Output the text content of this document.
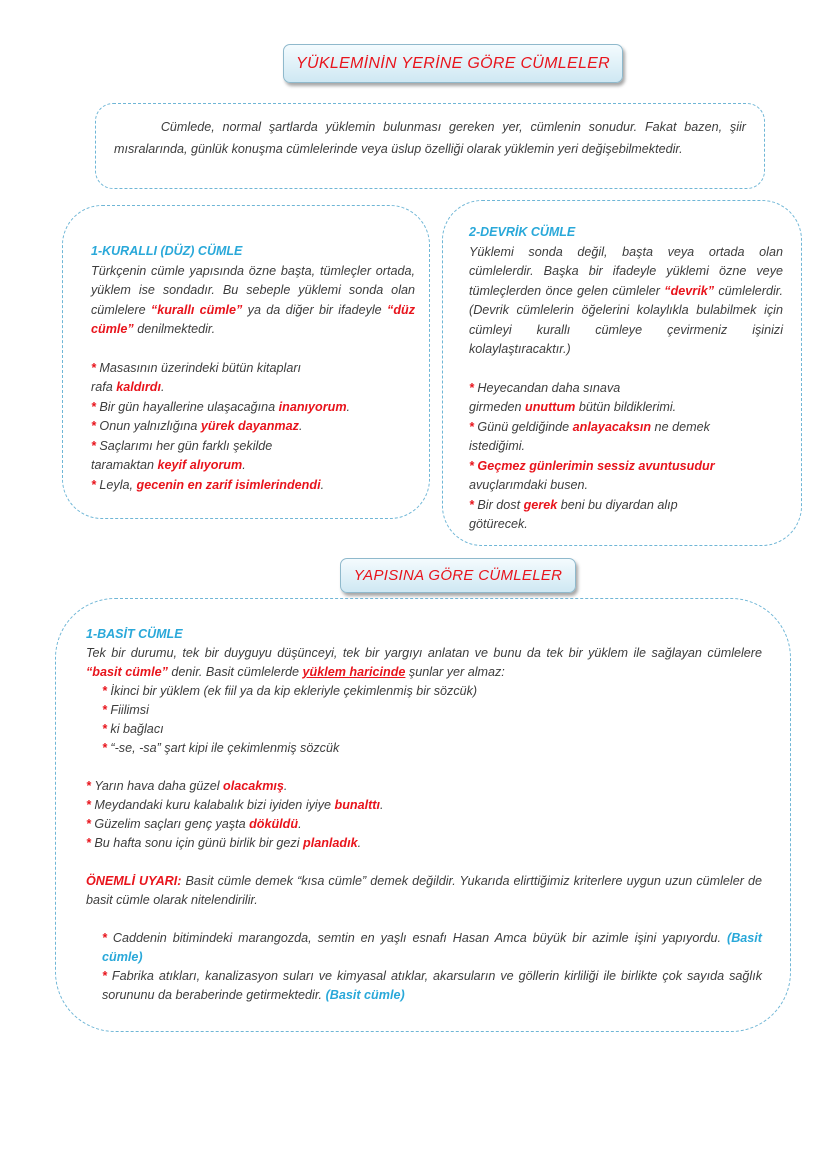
YÜKLEMİNİN YERİNE GÖRE CÜMLELER

Cümlede, normal şartlarda yüklemin bulunması gereken yer, cümlenin sonudur. Fakat bazen, şiir mısralarında, günlük konuşma cümlelerinde veya üslup özelliği olarak yüklemin yeri değişebilmektedir.

1-KURALLI (DÜZ) CÜMLE

Türkçenin cümle yapısında özne başta, tümleçler ortada, yüklem ise sondadır. Bu sebeple yüklemi sonda olan cümlelere “kurallı cümle” ya da diğer bir ifadeyle “düz cümle” denilmektedir.

* Masasının üzerindeki bütün kitapları

rafa kaldırdı.

* Bir gün hayallerine ulaşacağına inanıyorum.

* Onun yalnızlığına yürek dayanmaz.

* Saçlarımı her gün farklı şekilde

taramaktan keyif alıyorum.

* Leyla, gecenin en zarif isimlerindendi.

2-DEVRİK CÜMLE

Yüklemi sonda değil, başta veya ortada olan cümlelerdir. Başka bir ifadeyle yüklemi özne veye tümleçlerden önce gelen cümleler “devrik” cümlelerdir. (Devrik cümlelerin öğelerini kolaylıkla bulabilmek için cümleyi kurallı cümleye çevirmeniz işinizi kolaylaştıracaktır.)

* Heyecandan daha sınava

girmeden unuttum bütün bildiklerimi.

* Günü geldiğinde anlayacaksın ne demek

istediğimi.

* Geçmez günlerimin sessiz avuntusudur

avuçlarımdaki busen.

* Bir dost gerek beni bu diyardan alıp

götürecek.

YAPISINA GÖRE CÜMLELER
1-BASİT CÜMLE

Tek bir durumu, tek bir duyguyu düşünceyi, tek bir yargıyı anlatan ve bunu da tek bir yüklem ile sağlayan cümlelere “basit cümle” denir. Basit cümlelerde yüklem haricinde şunlar yer almaz:

* İkinci bir yüklem (ek fiil ya da kip ekleriyle çekimlenmiş bir sözcük)

* Fiilimsi

* ki bağlacı

* “-se, -sa” şart kipi ile çekimlenmiş sözcük

* Yarın hava daha güzel olacakmış.

* Meydandaki kuru kalabalık bizi iyiden iyiye bunalttı.

* Güzelim saçları genç yaşta döküldü.

* Bu hafta sonu için günü birlik bir gezi planladık.

ÖNEMLİ UYARI: Basit cümle demek “kısa cümle” demek değildir. Yukarıda elirttiğimiz kriterlere uygun uzun cümleler de basit cümle olarak nitelendirilir.

* Caddenin bitimindeki marangozda, semtin en yaşlı esnafı Hasan Amca büyük bir azimle işini yapıyordu. (Basit cümle)

* Fabrika atıkları, kanalizasyon suları ve kimyasal atıklar, akarsuların ve göllerin kirliliği ile birlikte çok sayıda sağlık sorununu da beraberinde getirmektedir. (Basit cümle)
